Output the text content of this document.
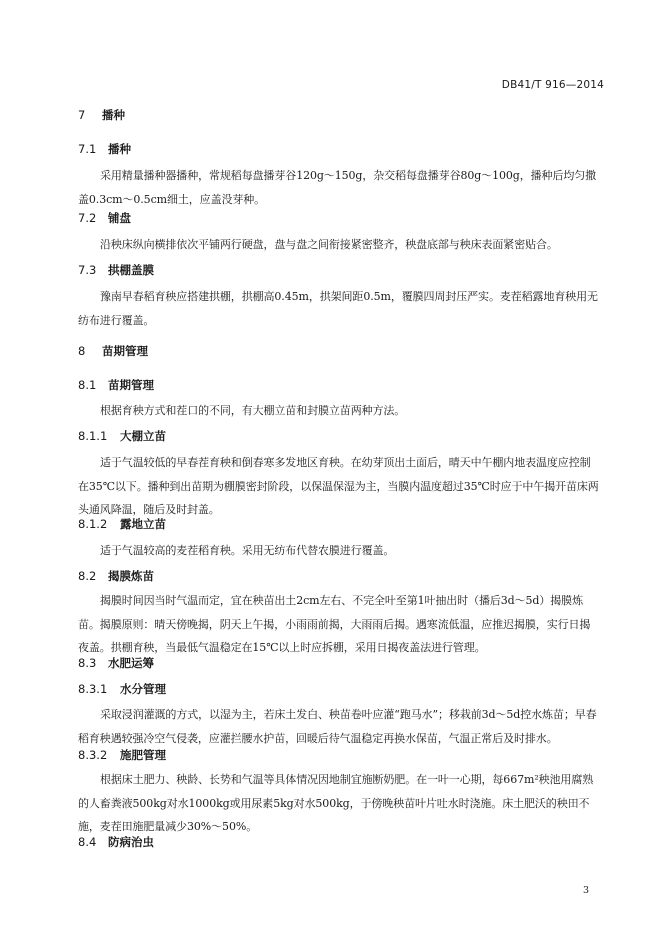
DB41/T 916—2014
7 播种
7.1 播种
采用精量播种器播种，常规稻每盘播芽谷120g～150g，杂交稻每盘播芽谷80g～100g，播种后均匀撒盖0.3cm～0.5cm细土，应盖没芽种。
7.2 铺盘
沿秧床纵向横排依次平铺两行硬盘，盘与盘之间衔接紧密整齐，秧盘底部与秧床表面紧密贴合。
7.3 拱棚盖膜
豫南早春稻育秧应搭建拱棚，拱棚高0.45m，拱架间距0.5m，覆膜四周封压严实。麦茬稻露地育秧用无纺布进行覆盖。
8 苗期管理
8.1 苗期管理
根据育秧方式和茬口的不同，有大棚立苗和封膜立苗两种方法。
8.1.1 大棚立苗
适于气温较低的早春茬育秧和倒春寒多发地区育秧。在幼芽顶出土面后，晴天中午棚内地表温度应控制在35℃以下。播种到出苗期为棚膜密封阶段，以保温保湿为主，当膜内温度超过35℃时应于中午揭开苗床两头通风降温，随后及时封盖。
8.1.2 露地立苗
适于气温较高的麦茬稻育秧。采用无纺布代替农膜进行覆盖。
8.2 揭膜炼苗
揭膜时间因当时气温而定，宜在秧苗出土2cm左右、不完全叶至第1叶抽出时（播后3d～5d）揭膜炼苗。揭膜原则：晴天傍晚揭，阴天上午揭，小雨雨前揭，大雨雨后揭。遇寒流低温，应推迟揭膜，实行日揭夜盖。拱棚育秧，当最低气温稳定在15℃以上时应拆棚，采用日揭夜盖法进行管理。
8.3 水肥运筹
8.3.1 水分管理
采取浸润灌溉的方式，以湿为主，若床土发白、秧苗卷叶应灌“跑马水”；移栽前3d～5d控水炼苗；早春稻育秧遇较强冷空气侵袭，应灌拦腰水护苗，回暖后待气温稳定再换水保苗，气温正常后及时排水。
8.3.2 施肥管理
根据床土肥力、秧龄、长势和气温等具体情况因地制宜施断奶肥。在一叶一心期，每667m²秧池用腐熟的人畜粪液500kg对水1000kg或用尿素5kg对水500kg，于傍晚秧苗叶片吐水时浇施。床土肥沃的秧田不施，麦茬田施肥量减少30%～50%。
8.4 防病治虫
3
